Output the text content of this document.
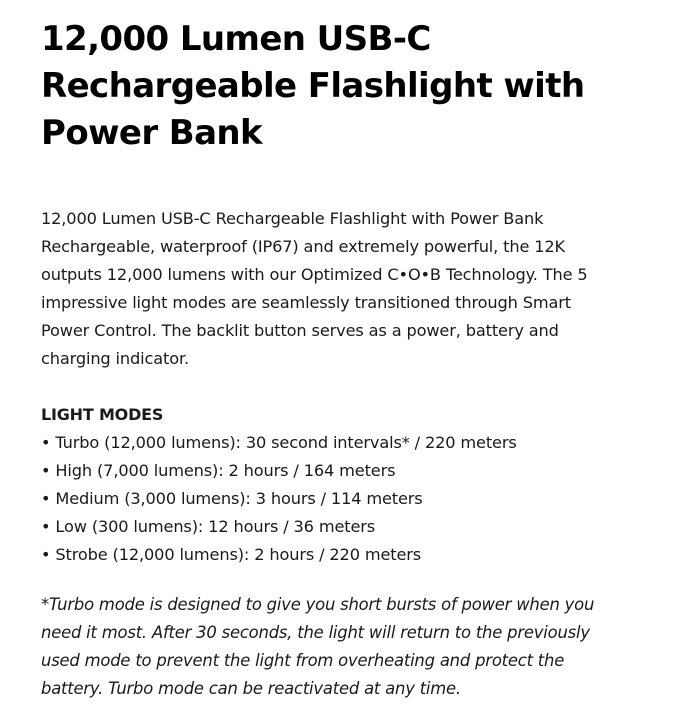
12,000 Lumen USB-C Rechargeable Flashlight with Power Bank

12,000 Lumen USB-C Rechargeable Flashlight with Power Bank
Rechargeable, waterproof (IP67) and extremely powerful, the 12K
outputs 12,000 lumens with our Optimized C•O•B Technology. The 5
impressive light modes are seamlessly transitioned through Smart
Power Control. The backlit button serves as a power, battery and
charging indicator.

LIGHT MODES
• Turbo (12,000 lumens): 30 second intervals* / 220 meters
• High (7,000 lumens): 2 hours / 164 meters
• Medium (3,000 lumens): 3 hours / 114 meters
• Low (300 lumens): 12 hours / 36 meters
• Strobe (12,000 lumens): 2 hours / 220 meters

*Turbo mode is designed to give you short bursts of power when you
need it most. After 30 seconds, the light will return to the previously
used mode to prevent the light from overheating and protect the
battery. Turbo mode can be reactivated at any time.
